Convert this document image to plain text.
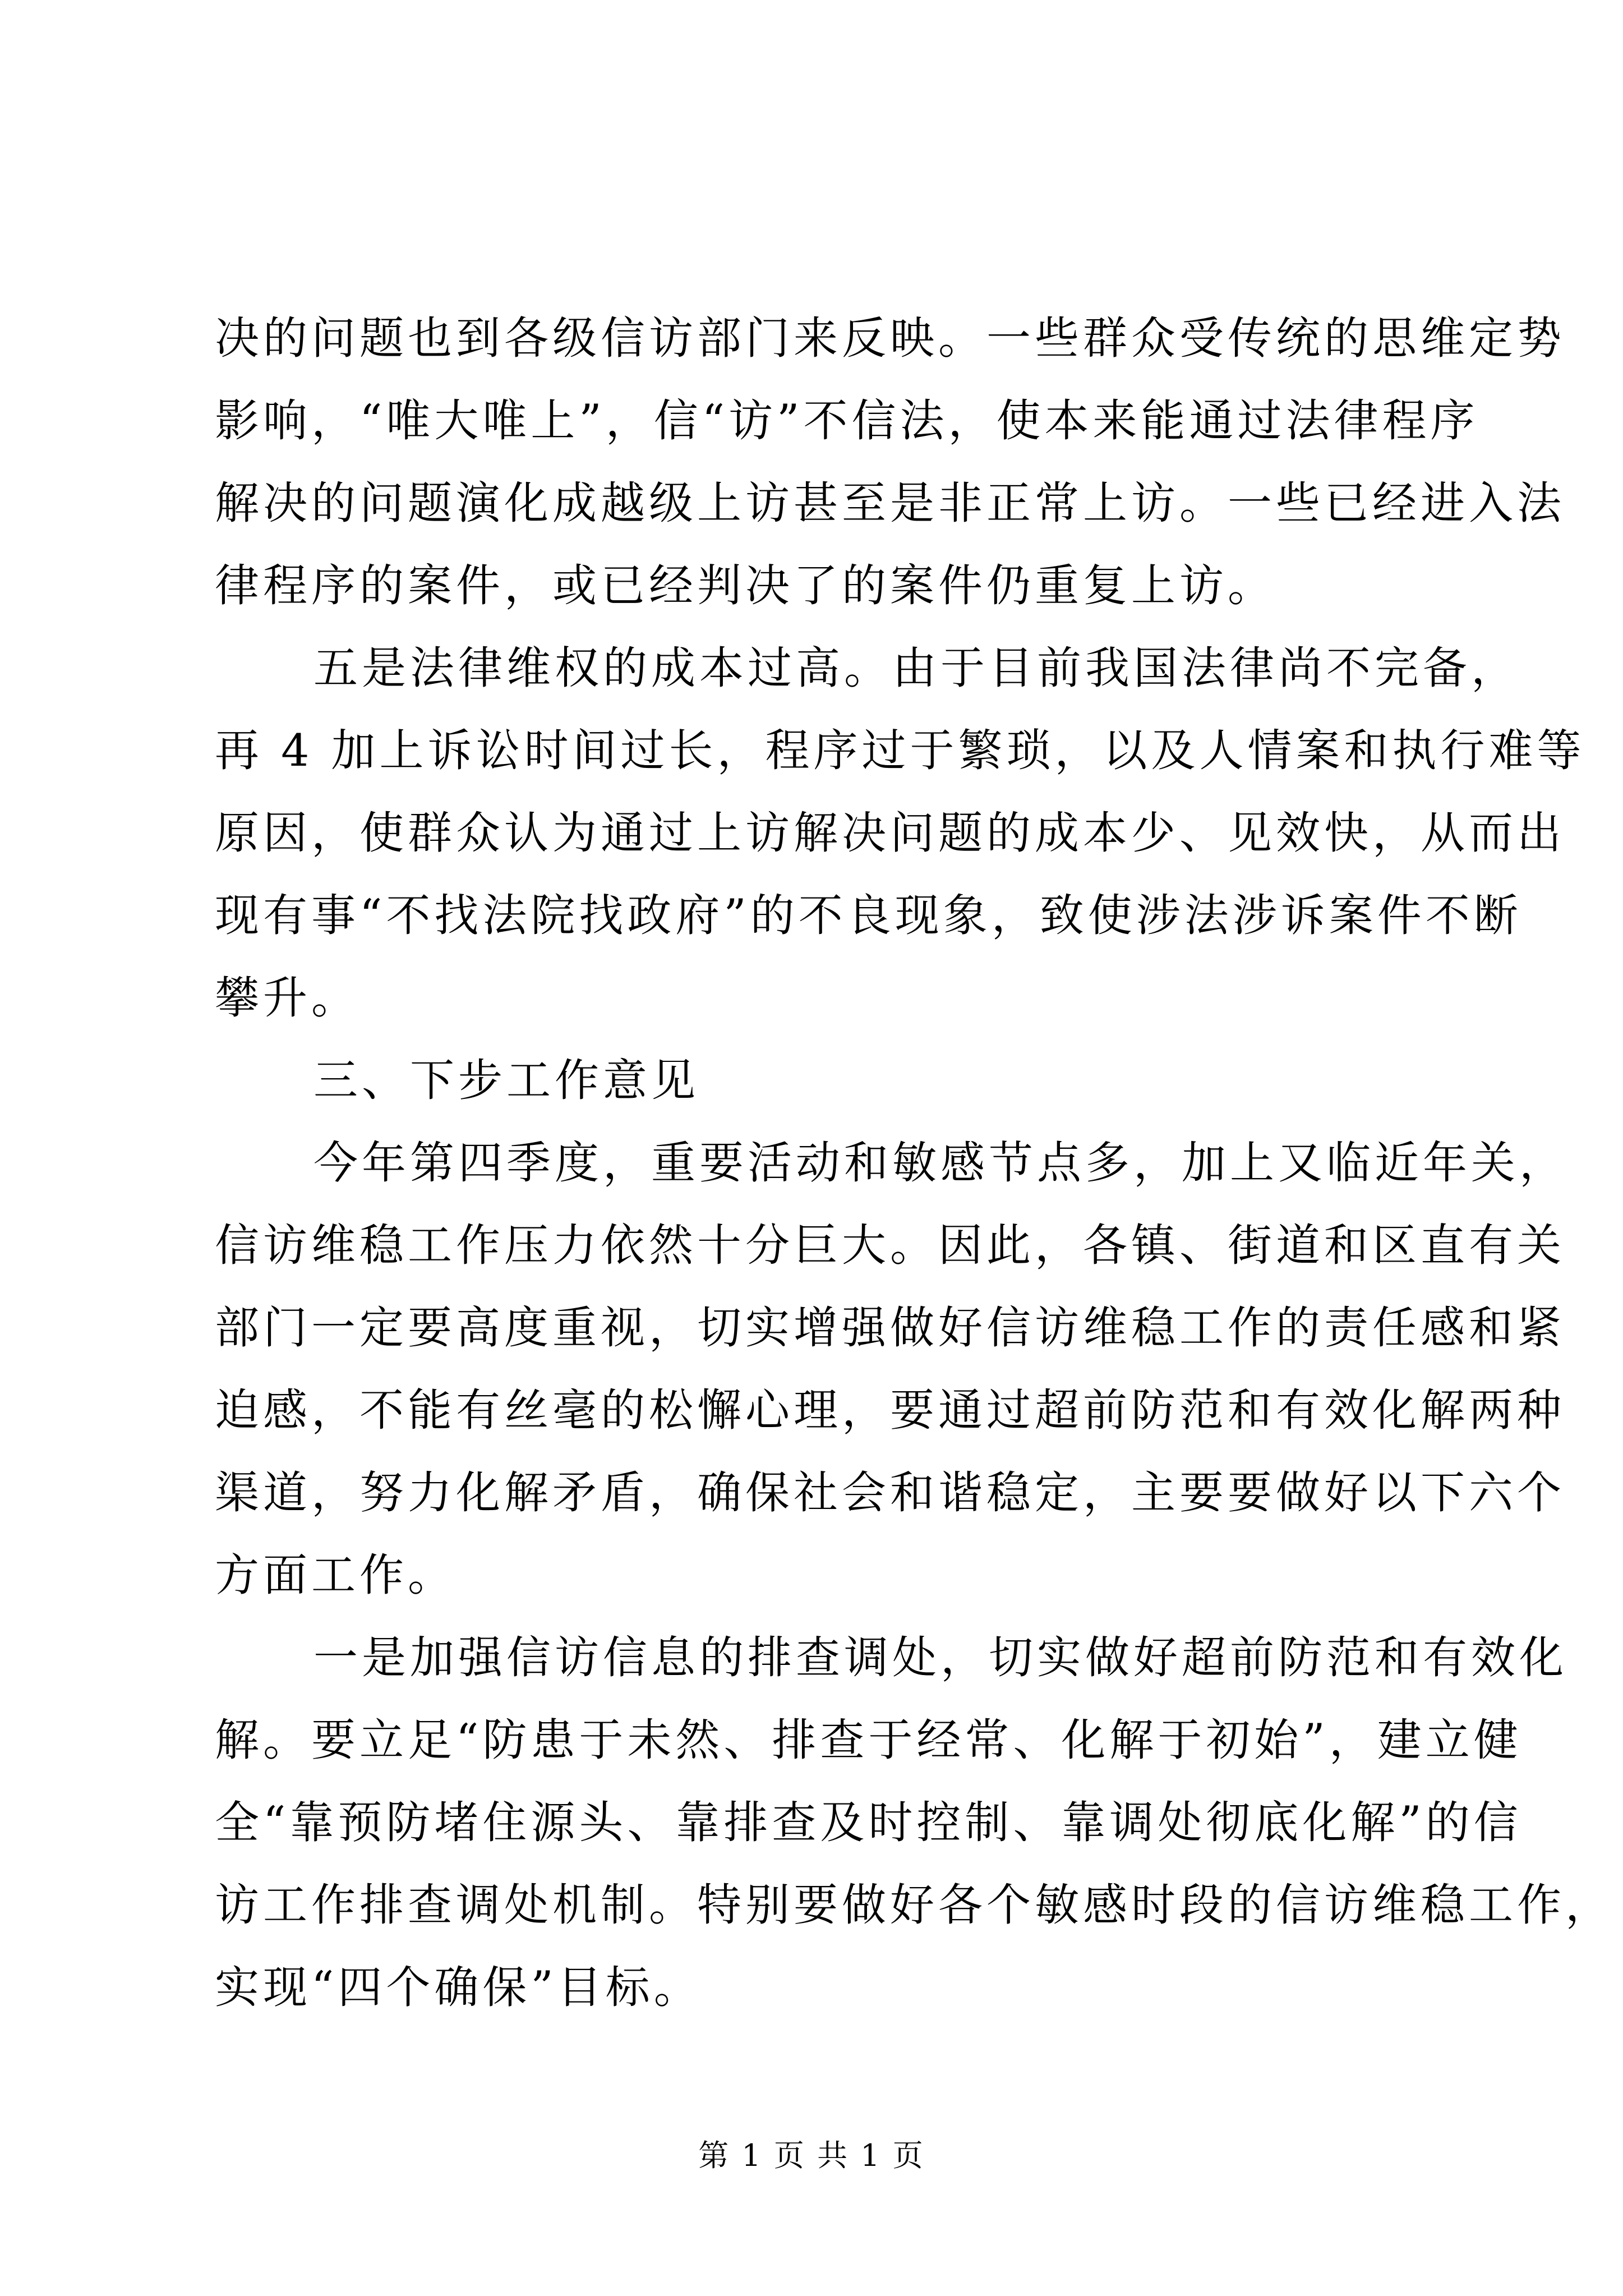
决的问题也到各级信访部门来反映。一些群众受传统的思维定势
影响，“唯大唯上”，信“访”不信法，使本来能通过法律程序
解决的问题演化成越级上访甚至是非正常上访。一些已经进入法
律程序的案件，或已经判决了的案件仍重复上访。
五是法律维权的成本过高。由于目前我国法律尚不完备，
再 4 加上诉讼时间过长，程序过于繁琐，以及人情案和执行难等
原因，使群众认为通过上访解决问题的成本少、见效快，从而出
现有事“不找法院找政府”的不良现象，致使涉法涉诉案件不断
攀升。
三、下步工作意见
今年第四季度，重要活动和敏感节点多，加上又临近年关，
信访维稳工作压力依然十分巨大。因此，各镇、街道和区直有关
部门一定要高度重视，切实增强做好信访维稳工作的责任感和紧
迫感，不能有丝毫的松懈心理，要通过超前防范和有效化解两种
渠道，努力化解矛盾，确保社会和谐稳定，主要要做好以下六个
方面工作。
一是加强信访信息的排查调处，切实做好超前防范和有效化
解。要立足“防患于未然、排查于经常、化解于初始”，建立健
全“靠预防堵住源头、靠排查及时控制、靠调处彻底化解”的信
访工作排查调处机制。特别要做好各个敏感时段的信访维稳工作，
实现“四个确保”目标。
第 1 页 共 1 页
